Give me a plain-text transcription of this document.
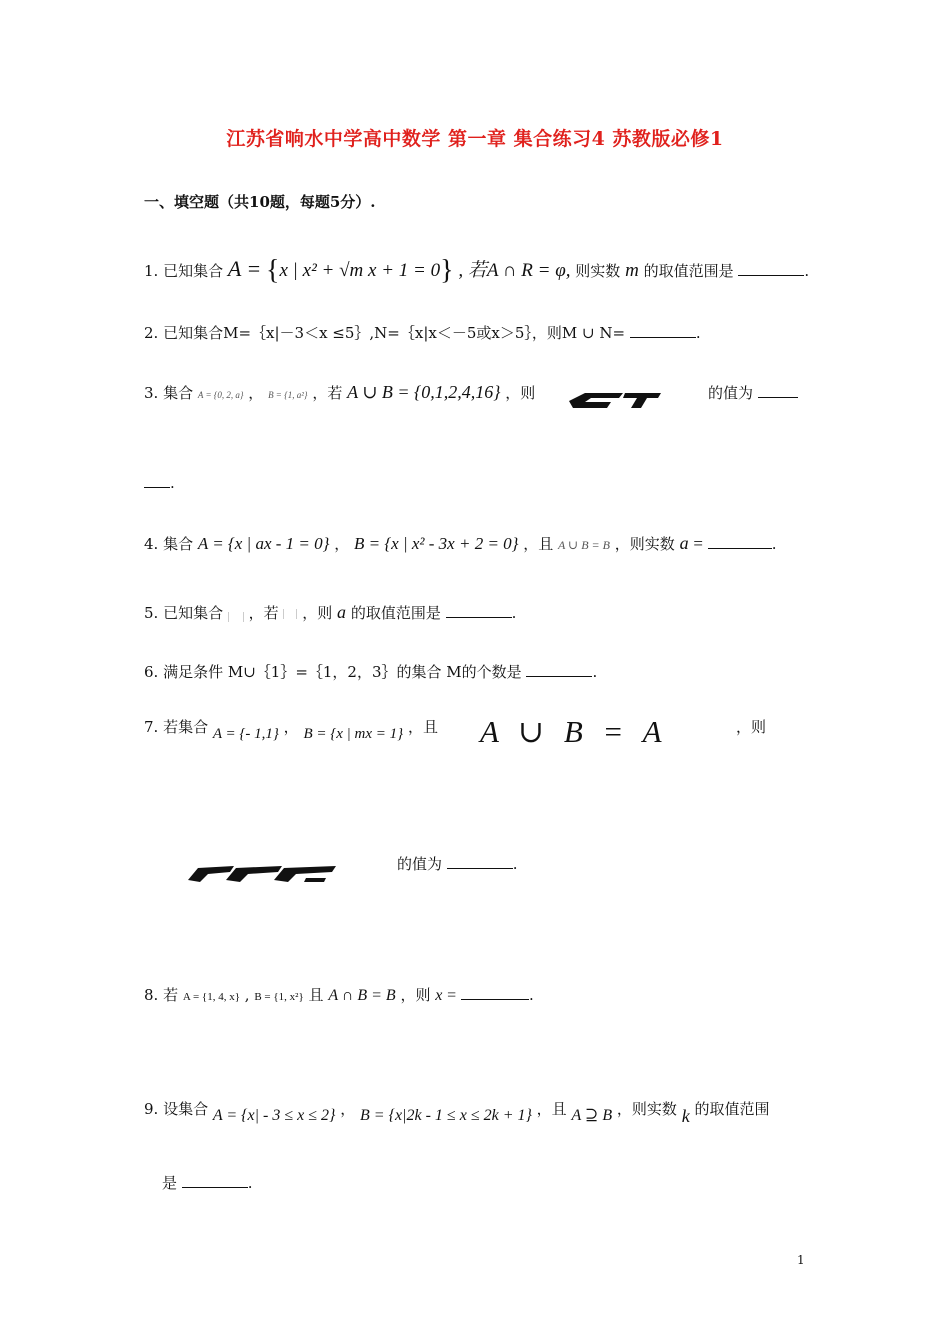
江苏省响水中学高中数学 第一章 集合练习4 苏教版必修1
一、填空题（共10题，每题5分）.
1. 已知集合 A = {x | x² + √m x + 1 = 0} , 若A ∩ R = φ, 则实数 m 的取值范围是	.
2. 已知集合M=｛x|－3＜x ≤5｝,N=｛x|x＜－5或x＞5｝，则M ∪ N=	.
3. 集合 A = {0, 2, a} ， B = {1, a²} ，若 A ∪ B = {0,1,2,4,16} ，则	的值为
.
4. 集合 A = {x | ax - 1 = 0} ， B = {x | x² - 3x + 2 = 0} ，且 A ∪ B = B ，则实数 a =	.
5. 已知集合 ，若 ，则 a 的取值范围是	.
6. 满足条件 M∪｛1｝=｛1，2，3｝的集合 M的个数是	.
7. 若集合 A = {- 1,1} ， B = {x | mx = 1} ，且 A ∪ B = A	，则
的值为	.
8. 若 A = {1, 4, x} , B = {1, x²} 且 A ∩ B = B ，则 x =	.
9. 设集合 A = {x| - 3 ≤ x ≤ 2} ， B = {x|2k - 1 ≤ x ≤ 2k + 1} ，且 A ⊇ B ，则实数 k 的取值范围
是	.
1
